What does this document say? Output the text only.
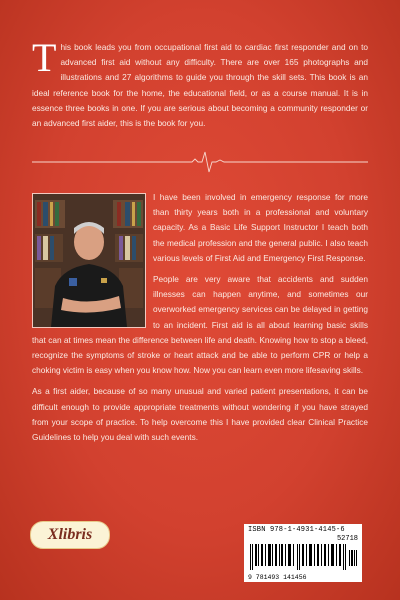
T his book leads you from occupational first aid to cardiac first responder and on to advanced first aid without any difficulty. There are over 165 photographs and illustrations and 27 algorithms to guide you through the skill sets. This book is an ideal reference book for the home, the educational field, or as a course manual. It is in essence three books in one. If you are serious about becoming a community responder or an advanced first aider, this is the book for you.

I have been involved in emergency response for more than thirty years both in a professional and voluntary capacity. As a Basic Life Support Instructor I teach both the medical profession and the general public. I also teach various levels of First Aid and Emergency First Response.

People are very aware that accidents and sudden illnesses can happen anytime, and sometimes our overworked emergency services can be delayed in getting to an incident. First aid is all about learning basic skills that can at times mean the difference between life and death. Knowing how to stop a bleed, recognize the symptoms of stroke or heart attack and be able to perform CPR or help a choking victim is easy when you know how. Now you can learn even more lifesaving skills.

As a first aider, because of so many unusual and varied patient presentations, it can be difficult enough to provide appropriate treatments without wondering if you have strayed from your scope of practice. To help overcome this I have provided clear Clinical Practice Guidelines to help you deal with such events.

Xlibris	ISBN 978-1-4931-4145-6
52718
9 781493 141456
